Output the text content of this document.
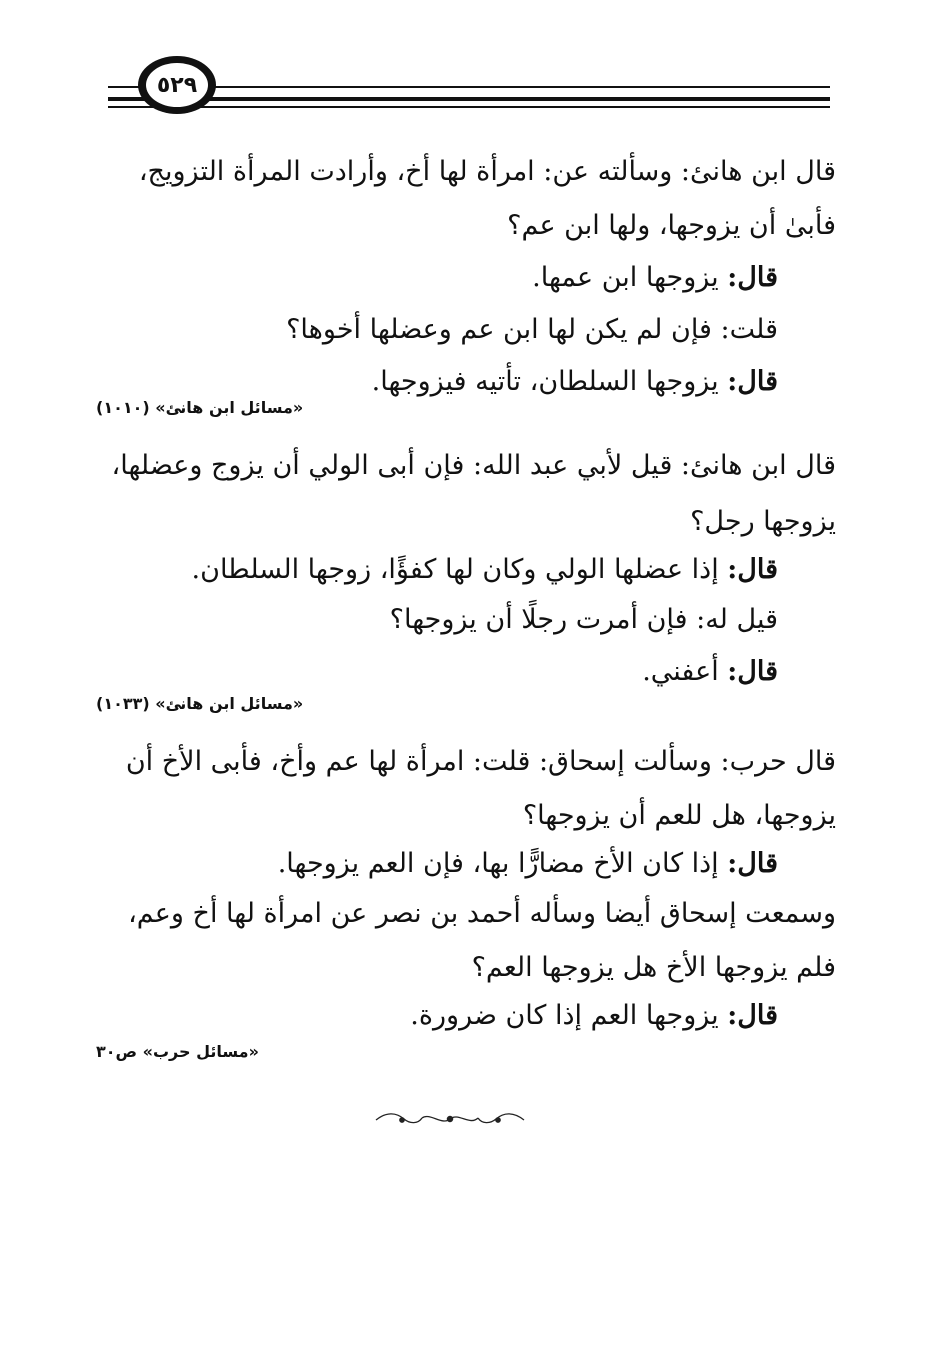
٥٢٩
قال ابن هانئ: وسألته عن: امرأة لها أخ، وأرادت المرأة التزويج،
فأبىٰ أن يزوجها، ولها ابن عم؟
قال: يزوجها ابن عمها.
قلت: فإن لم يكن لها ابن عم وعضلها أخوها؟
قال: يزوجها السلطان، تأتيه فيزوجها.
«مسائل ابن هانئ» (١٠١٠)
قال ابن هانئ: قيل لأبي عبد الله: فإن أبى الولي أن يزوج وعضلها،
يزوجها رجل؟
قال: إذا عضلها الولي وكان لها كفؤًا، زوجها السلطان.
قيل له: فإن أمرت رجلًا أن يزوجها؟
قال: أعفني.
«مسائل ابن هانئ» (١٠٣٣)
قال حرب: وسألت إسحاق: قلت: امرأة لها عم وأخ، فأبى الأخ أن
يزوجها، هل للعم أن يزوجها؟
قال: إذا كان الأخ مضارًّا بها، فإن العم يزوجها.
وسمعت إسحاق أيضا وسأله أحمد بن نصر عن امرأة لها أخ وعم،
فلم يزوجها الأخ هل يزوجها العم؟
قال: يزوجها العم إذا كان ضرورة.
«مسائل حرب» ص٣٠
